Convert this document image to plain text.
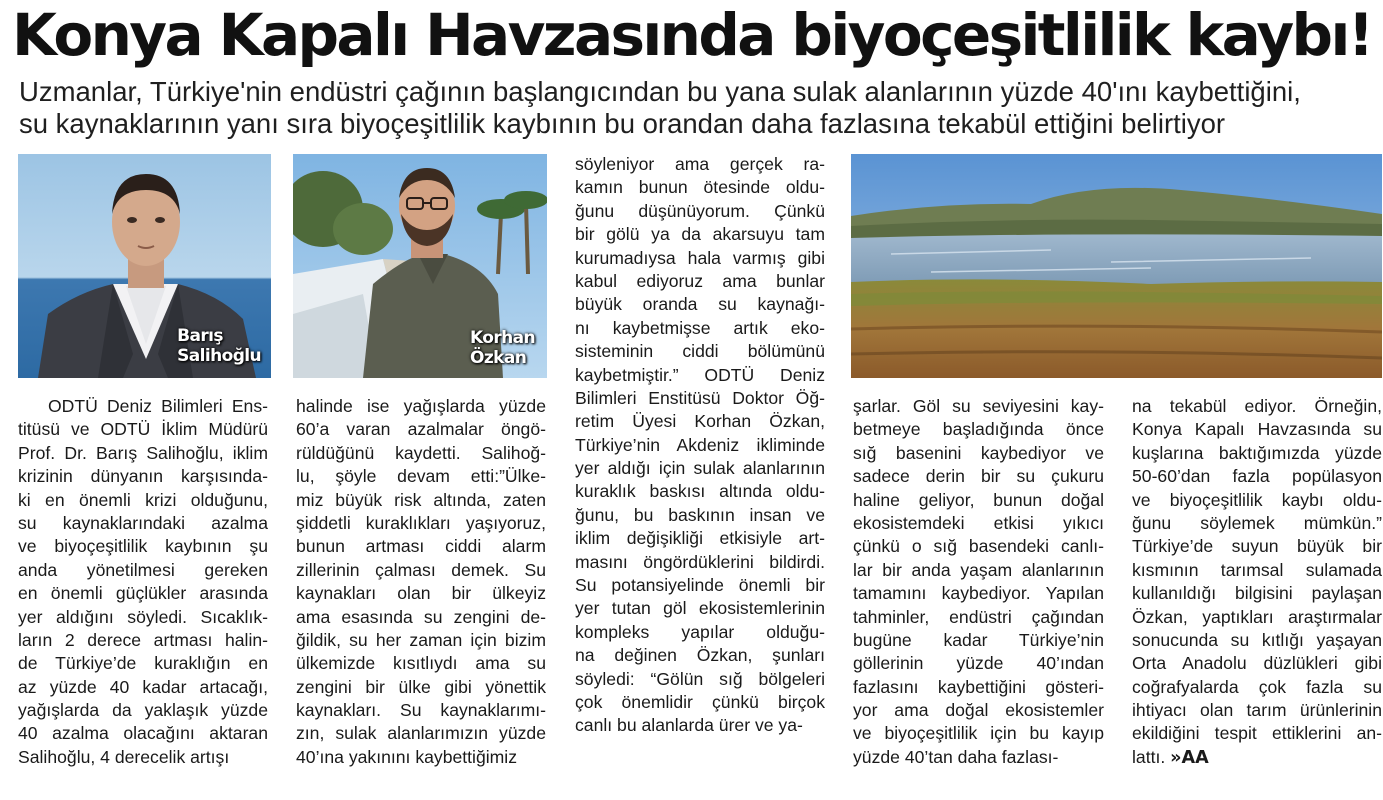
Konya Kapalı Havzasında biyoçeşitlilik kaybı!
Uzmanlar, Türkiye'nin endüstri çağının başlangıcından bu yana sulak alanlarının yüzde 40'ını kaybettiğini,
su kaynaklarının yanı sıra biyoçeşitlilik kaybının bu orandan daha fazlasına tekabül ettiğini belirtiyor
Barış
Salihoğlu
Korhan
Özkan
ODTÜ Deniz Bilimleri Ens-
titüsü ve ODTÜ İklim Müdürü
Prof. Dr. Barış Salihoğlu, iklim
krizinin dünyanın karşısında-
ki en önemli krizi olduğunu,
su kaynaklarındaki azalma
ve biyoçeşitlilik kaybının şu
anda yönetilmesi gereken
en önemli güçlükler arasında
yer aldığını söyledi. Sıcaklık-
ların 2 derece artması halin-
de Türkiye’de kuraklığın en
az yüzde 40 kadar artacağı,
yağışlarda da yaklaşık yüzde
40 azalma olacağını aktaran
Salihoğlu, 4 derecelik artışı
halinde ise yağışlarda yüzde
60’a varan azalmalar öngö-
rüldüğünü kaydetti. Salihoğ-
lu, şöyle devam etti:”Ülke-
miz büyük risk altında, zaten
şiddetli kuraklıkları yaşıyoruz,
bunun artması ciddi alarm
zillerinin çalması demek. Su
kaynakları olan bir ülkeyiz
ama esasında su zengini de-
ğildik, su her zaman için bizim
ülkemizde kısıtlıydı ama su
zengini bir ülke gibi yönettik
kaynakları. Su kaynaklarımı-
zın, sulak alanlarımızın yüzde
40’ına yakınını kaybettiğimiz
söyleniyor ama gerçek ra-
kamın bunun ötesinde oldu-
ğunu düşünüyorum. Çünkü
bir gölü ya da akarsuyu tam
kurumadıysa hala varmış gibi
kabul ediyoruz ama bunlar
büyük oranda su kaynağı-
nı kaybetmişse artık eko-
sisteminin ciddi bölümünü
kaybetmiştir.” ODTÜ Deniz
Bilimleri Enstitüsü Doktor Öğ-
retim Üyesi Korhan Özkan,
Türkiye’nin Akdeniz ikliminde
yer aldığı için sulak alanlarının
kuraklık baskısı altında oldu-
ğunu, bu baskının insan ve
iklim değişikliği etkisiyle art-
masını öngördüklerini bildirdi.
Su potansiyelinde önemli bir
yer tutan göl ekosistemlerinin
kompleks yapılar olduğu-
na değinen Özkan, şunları
söyledi: “Gölün sığ bölgeleri
çok önemlidir çünkü birçok
canlı bu alanlarda ürer ve ya-
şarlar. Göl su seviyesini kay-
betmeye başladığında önce
sığ basenini kaybediyor ve
sadece derin bir su çukuru
haline geliyor, bunun doğal
ekosistemdeki etkisi yıkıcı
çünkü o sığ basendeki canlı-
lar bir anda yaşam alanlarının
tamamını kaybediyor. Yapılan
tahminler, endüstri çağından
bugüne kadar Türkiye’nin
göllerinin yüzde 40’ından
fazlasını kaybettiğini gösteri-
yor ama doğal ekosistemler
ve biyoçeşitlilik için bu kayıp
yüzde 40’tan daha fazlası-
na tekabül ediyor. Örneğin,
Konya Kapalı Havzasında su
kuşlarına baktığımızda yüzde
50-60’dan fazla popülasyon
ve biyoçeşitlilik kaybı oldu-
ğunu söylemek mümkün.”
Türkiye’de suyun büyük bir
kısmının tarımsal sulamada
kullanıldığı bilgisini paylaşan
Özkan, yaptıkları araştırmalar
sonucunda su kıtlığı yaşayan
Orta Anadolu düzlükleri gibi
coğrafyalarda çok fazla su
ihtiyacı olan tarım ürünlerinin
ekildiğini tespit ettiklerini an-
lattı. »AA
